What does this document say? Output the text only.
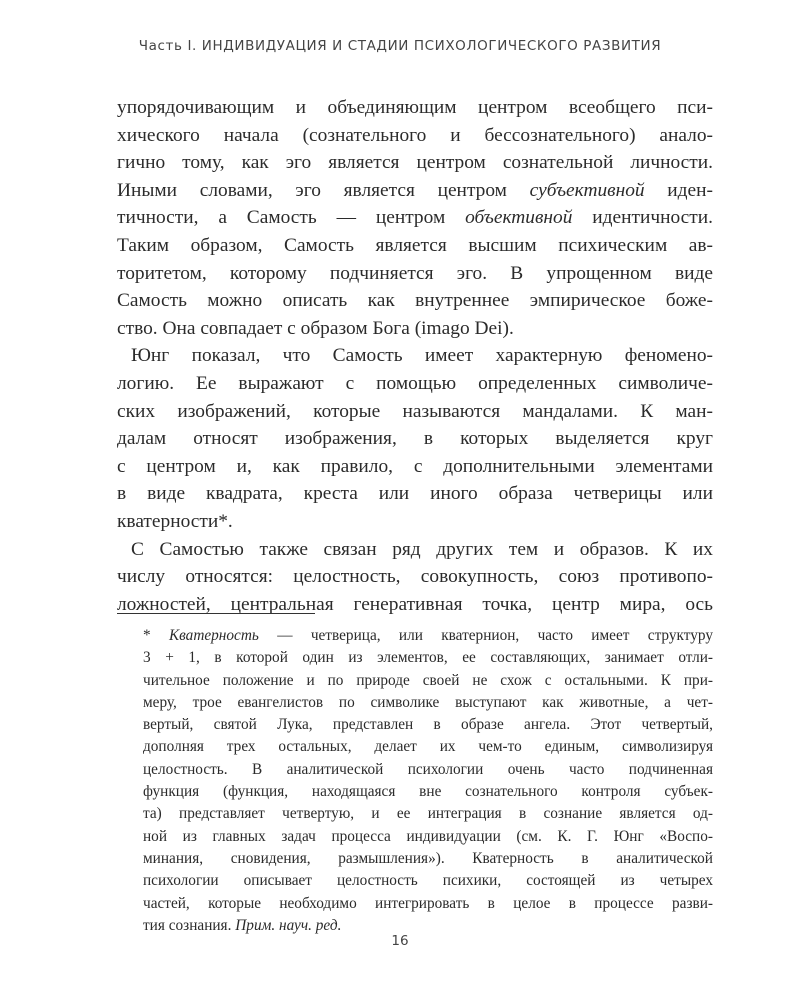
Часть I. ИНДИВИДУАЦИЯ И СТАДИИ ПСИХОЛОГИЧЕСКОГО РАЗВИТИЯ
упорядочивающим и объединяющим центром всеобщего пси-
хического начала (сознательного и бессознательного) анало-
гично тому, как эго является центром сознательной личности.
Иными словами, эго является центром субъективной иден-
тичности, а Самость — центром объективной идентичности.
Таким образом, Самость является высшим психическим ав-
торитетом, которому подчиняется эго. В упрощенном виде
Самость можно описать как внутреннее эмпирическое боже-
ство. Она совпадает с образом Бога (imago Dei).
Юнг показал, что Самость имеет характерную феномено-
логию. Ее выражают с помощью определенных символиче-
ских изображений, которые называются мандалами. К ман-
далам относят изображения, в которых выделяется круг
с центром и, как правило, с дополнительными элементами
в виде квадрата, креста или иного образа четверицы или
кватерности*.
С Самостью также связан ряд других тем и образов. К их
числу относятся: целостность, совокупность, союз противопо-
ложностей, центральная генеративная точка, центр мира, ось
* Кватерность — четверица, или кватернион, часто имеет структуру
3 + 1, в которой один из элементов, ее составляющих, занимает отли-
чительное положение и по природе своей не схож с остальными. К при-
меру, трое евангелистов по символике выступают как животные, а чет-
вертый, святой Лука, представлен в образе ангела. Этот четвертый,
дополняя трех остальных, делает их чем-то единым, символизируя
целостность. В аналитической психологии очень часто подчиненная
функция (функция, находящаяся вне сознательного контроля субъек-
та) представляет четвертую, и ее интеграция в сознание является од-
ной из главных задач процесса индивидуации (см. К. Г. Юнг «Воспо-
минания, сновидения, размышления»). Кватерность в аналитической
психологии описывает целостность психики, состоящей из четырех
частей, которые необходимо интегрировать в целое в процессе разви-
тия сознания. Прим. науч. ред.
16
